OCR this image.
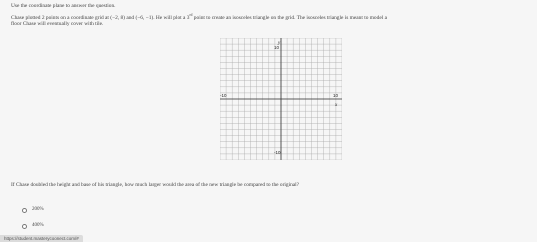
Use the coordinate plane to answer the question.
Chase plotted 2 points on a coordinate grid at (−2, 8) and (−6, −1). He will plot a 3rd point to create an isosceles triangle on the grid. The isosceles triangle is meant to model a
floor Chase will eventually cover with tile.
y
x
10
-10
-10	10
If Chase doubled the height and base of his triangle, how much larger would the area of the new triangle be compared to the original?
200%
400%
https://student.masterycoonect.com/#
